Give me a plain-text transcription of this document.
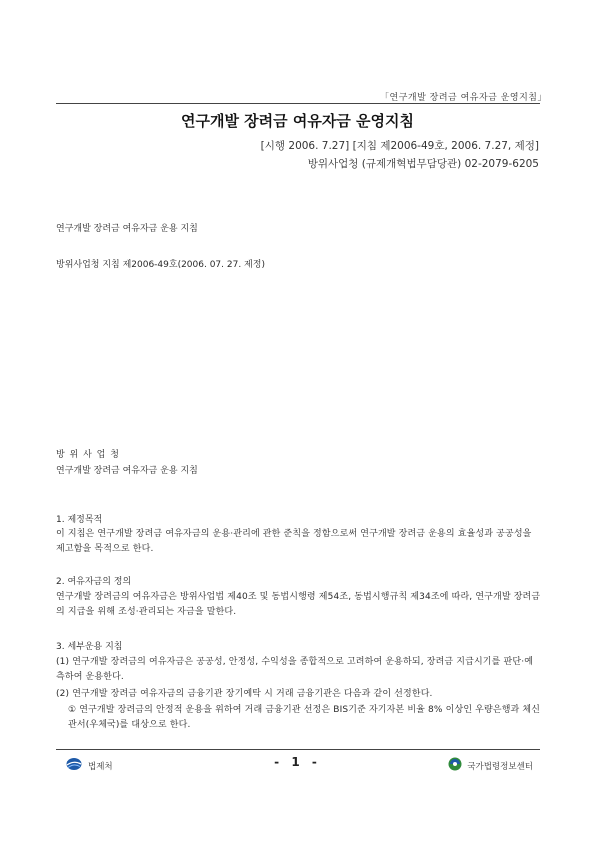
「연구개발 장려금 여유자금 운영지침」
연구개발 장려금 여유자금 운영지침
[시행 2006. 7.27] [지침 제2006-49호, 2006. 7.27, 제정]
방위사업청 (규제개혁법무담당관) 02-2079-6205
연구개발 장려금 여유자금 운용 지침
방위사업청 지침 제2006-49호(2006. 07. 27. 제정)
방 위 사 업 청
연구개발 장려금 여유자금 운용 지침
1. 제정목적
이 지침은 연구개발 장려금 여유자금의 운용·관리에 관한 준칙을 정함으로써 연구개발 장려금 운용의 효율성과 공공성을 제고함을 목적으로 한다.
2. 여유자금의 정의
연구개발 장려금의 여유자금은 방위사업법 제40조 및 동법시행령 제54조, 동법시행규칙 제34조에 따라, 연구개발 장려금의 지급을 위해 조성·관리되는 자금을 말한다.
3. 세부운용 지침
(1) 연구개발 장려금의 여유자금은 공공성, 안정성, 수익성을 종합적으로 고려하여 운용하되, 장려금 지급시기를 판단·예측하여 운용한다.
(2) 연구개발 장려금 여유자금의 금융기관 장기예탁 시 거래 금융기관은 다음과 같이 선정한다.
① 연구개발 장려금의 안정적 운용을 위하여 거래 금융기관 선정은 BIS기준 자기자본 비율 8% 이상인 우량은행과 체신관서(우체국)를 대상으로 한다.
법제처	- 1 -	국가법령정보센터
